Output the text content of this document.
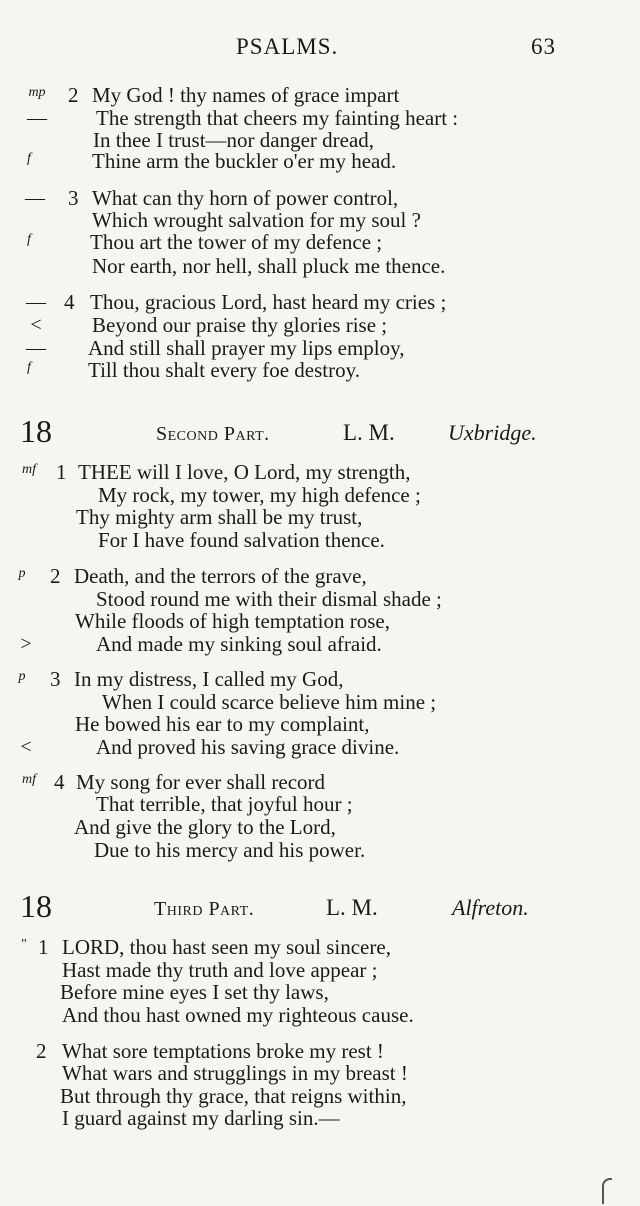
PSALMS.	63
mp	2 My God ! thy names of grace impart
—	The strength that cheers my fainting heart :
In thee I trust—nor danger dread,
f	Thine arm the buckler o'er my head.
—	3 What can thy horn of power control,
Which wrought salvation for my soul ?
f	Thou art the tower of my defence ;
Nor earth, nor hell, shall pluck me thence.
— 4 Thou, gracious Lord, hast heard my cries ;
<	Beyond our praise thy glories rise ;
—	And still shall prayer my lips employ,
f	Till thou shalt every foe destroy.
18	Second Part.	L. M. Uxbridge.
mf 1 THEE will I love, O Lord, my strength,
My rock, my tower, my high defence ;
Thy mighty arm shall be my trust,
For I have found salvation thence.
p	2 Death, and the terrors of the grave,
Stood round me with their dismal shade ;
While floods of high temptation rose,
>	And made my sinking soul afraid.
p	3 In my distress, I called my God,
When I could scarce believe him mine ;
He bowed his ear to my complaint,
<	And proved his saving grace divine.
mf 4 My song for ever shall record
That terrible, that joyful hour ;
And give the glory to the Lord,
Due to his mercy and his power.
18	Third Part.	L. M.	Alfreton.
'' 1 LORD, thou hast seen my soul sincere,
Hast made thy truth and love appear ;
Before mine eyes I set thy laws,
And thou hast owned my righteous cause.
2 What sore temptations broke my rest !
What wars and strugglings in my breast !
But through thy grace, that reigns within,
I guard against my darling sin.—
